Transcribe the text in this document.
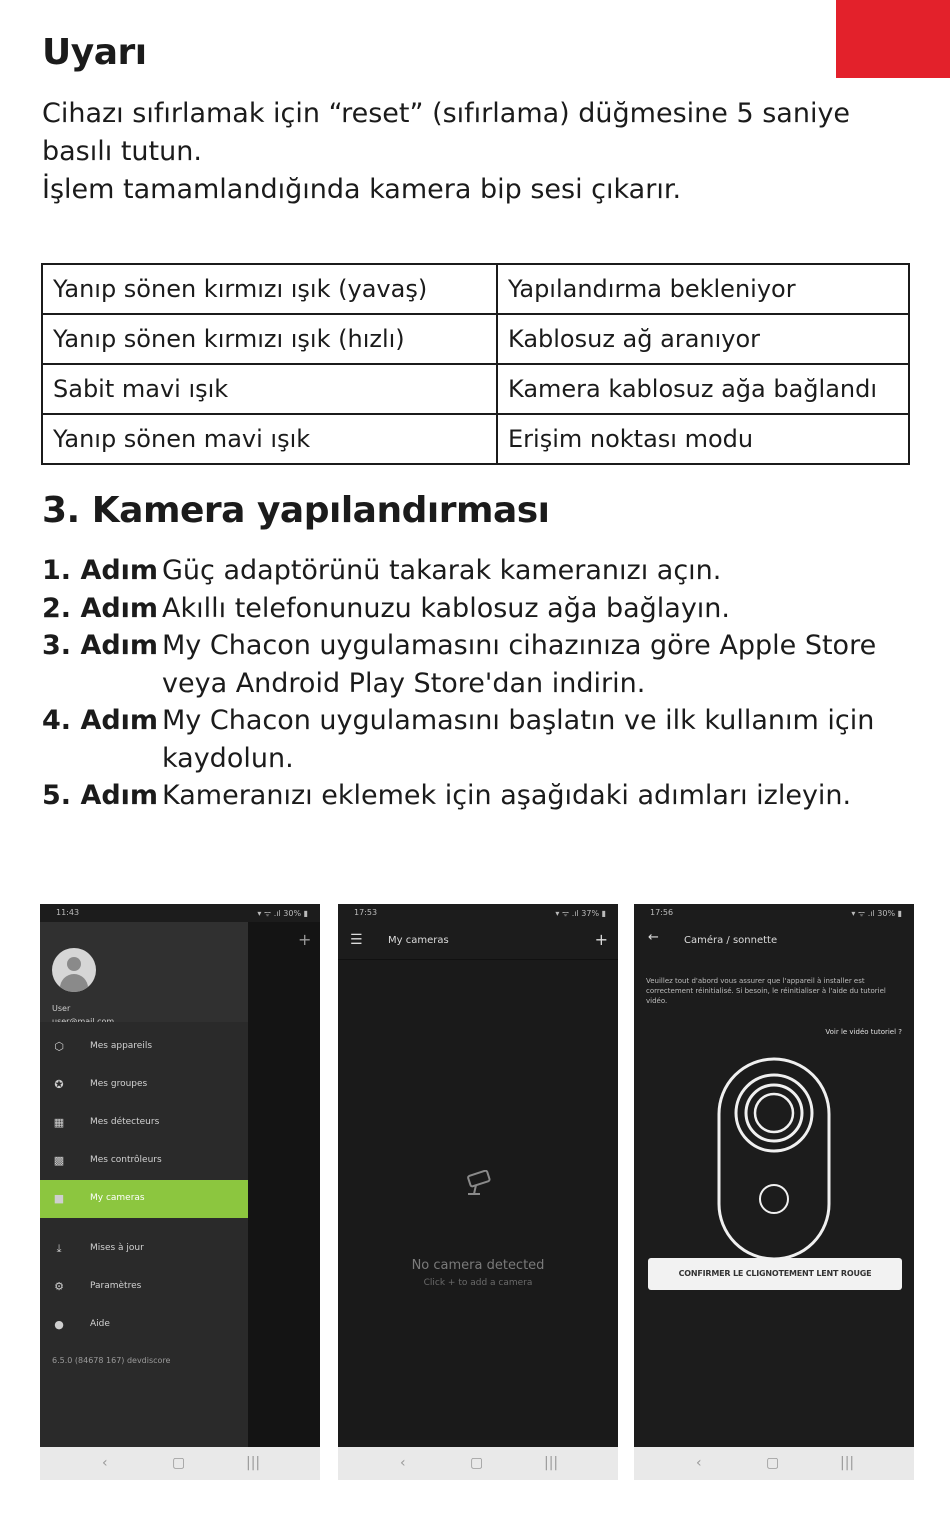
Uyarı

Cihazı sıfırlamak için “reset” (sıfırlama) düğmesine 5 saniye basılı tutun.

İşlem tamamlandığında kamera bip sesi çıkarır.

Yanıp sönen kırmızı ışık (yavaş)	Yapılandırma bekleniyor
Yanıp sönen kırmızı ışık (hızlı)	Kablosuz ağ aranıyor
Sabit mavi ışık	Kamera kablosuz ağa bağlandı
Yanıp sönen mavi ışık	Erişim noktası modu
3. Kamera yapılandırması
1. Adım Güç adaptörünü takarak kameranızı açın.
2. Adım Akıllı telefonunuzu kablosuz ağa bağlayın.
3. Adım My Chacon uygulamasını cihazınıza göre Apple Store veya Android Play Store'dan indirin.
4. Adım My Chacon uygulamasını başlatın ve ilk kullanım için kaydolun.
5. Adım Kameranızı eklemek için aşağıdaki adımları izleyin.
11:43	▾ ᯤ .ıl 30% ▮
+
User
⬡	Mes appareils
✪	Mes groupes
▦	Mes détecteurs
▩	Mes contrôleurs
■	My cameras
⤓	Mises à jour
⚙	Paramètres
●	Aide
6.5.0 (84678 167) devdiscore
‹	▢	|||
17:53	▾ ᯤ .ıl 37% ▮
☰	My cameras	+
No camera detected
Click + to add a camera
‹	▢	|||
17:56	▾ ᯤ .ıl 30% ▮
←	Caméra / sonnette
Veuillez tout d'abord vous assurer que l'appareil à installer est correctement réinitialisé. Si besoin, le réinitialiser à l'aide du tutoriel vidéo.
Voir le vidéo tutoriel ?
CONFIRMER LE CLIGNOTEMENT LENT ROUGE
‹	▢	|||
